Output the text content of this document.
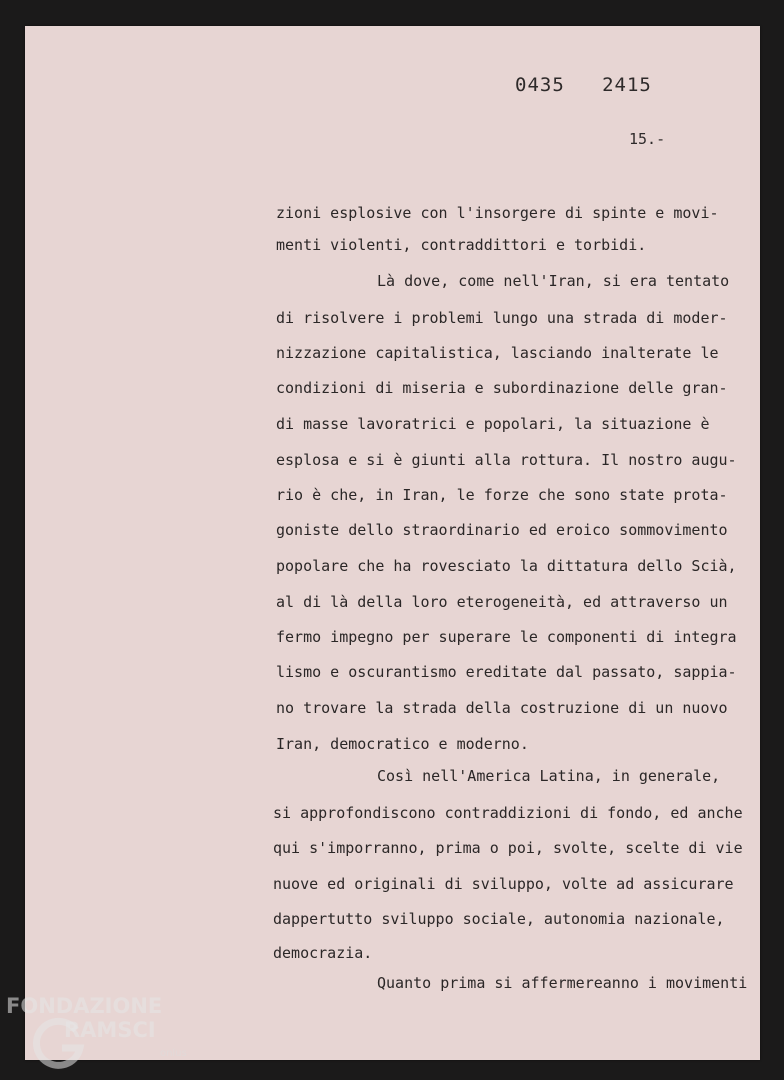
0435   2415
15.-
zioni esplosive con l'insorgere di spinte e movi-
menti violenti, contraddittori e torbidi.
Là dove, come nell'Iran, si era tentato
di risolvere i problemi lungo una strada di moder-
nizzazione capitalistica, lasciando inalterate le
condizioni di miseria e subordinazione delle gran-
di masse lavoratrici e popolari, la situazione è
esplosa e si è giunti alla rottura. Il nostro augu-
rio è che, in Iran, le forze che sono state prota-
goniste dello straordinario ed eroico sommovimento
popolare che ha rovesciato la dittatura dello Scià,
al di là della loro eterogeneità, ed attraverso un
fermo impegno per superare le componenti di integra
lismo e oscurantismo ereditate dal passato, sappia-
no trovare la strada della costruzione di un nuovo
Iran, democratico e moderno.
Così nell'America Latina, in generale,
si approfondiscono contraddizioni di fondo, ed anche
qui s'imporranno, prima o poi, svolte, scelte di vie
nuove ed originali di sviluppo, volte ad assicurare
dappertutto sviluppo sociale, autonomia nazionale,
democrazia.
Quanto prima si affermereanno i movimenti
FONDAZIONE
RAMSCI
onlus
